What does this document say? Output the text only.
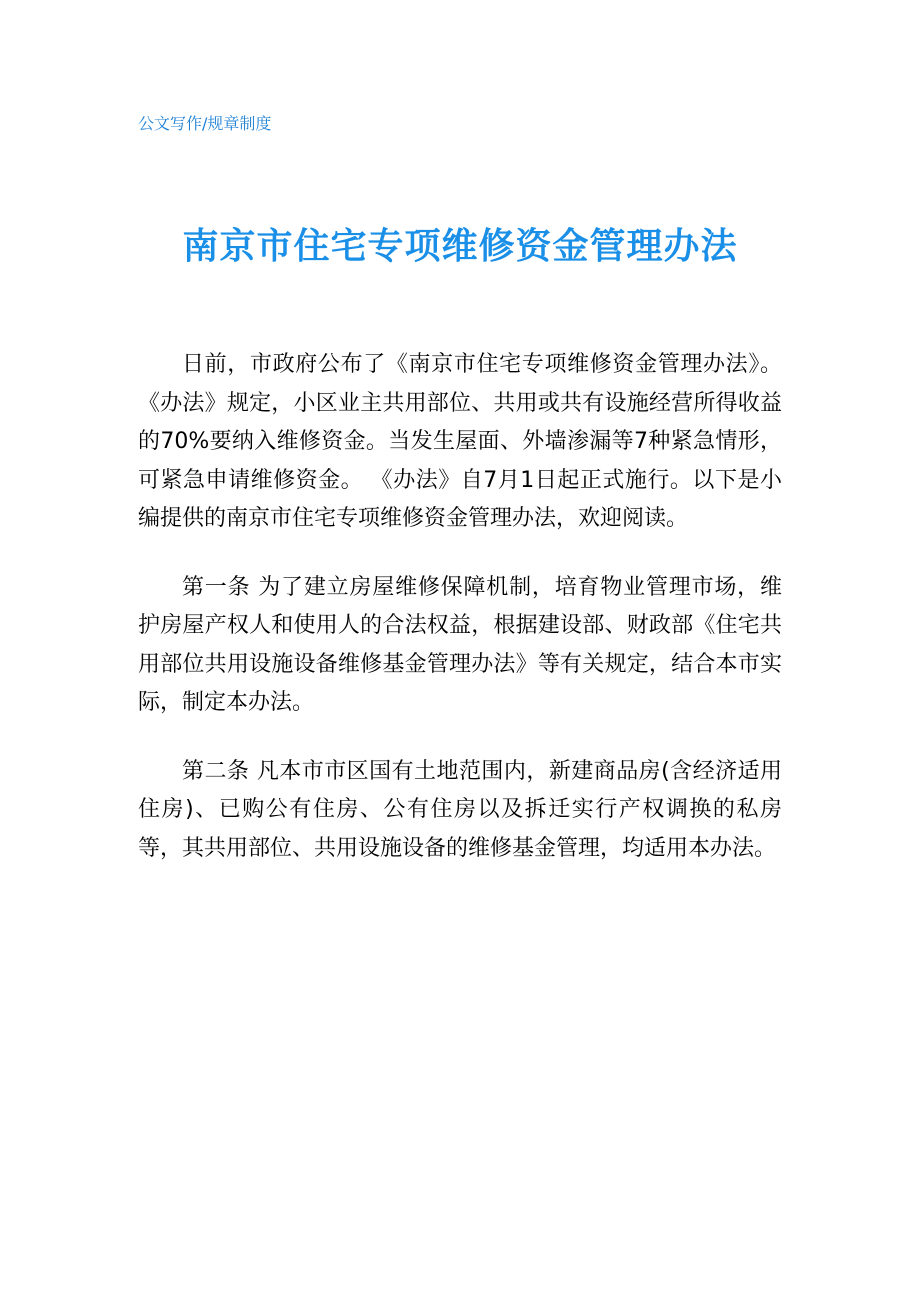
公文写作/规章制度
南京市住宅专项维修资金管理办法

日前，市政府公布了《南京市住宅专项维修资金管理办法》。《办法》规定，小区业主共用部位、共用或共有设施经营所得收益的70%要纳入维修资金。当发生屋面、外墙渗漏等7种紧急情形，可紧急申请维修资金。 《办法》自7月1日起正式施行。以下是小编提供的南京市住宅专项维修资金管理办法，欢迎阅读。

第一条 为了建立房屋维修保障机制，培育物业管理市场，维护房屋产权人和使用人的合法权益，根据建设部、财政部《住宅共用部位共用设施设备维修基金管理办法》等有关规定，结合本市实际，制定本办法。

第二条 凡本市市区国有土地范围内，新建商品房(含经济适用住房)、已购公有住房、公有住房以及拆迁实行产权调换的私房等，其共用部位、共用设施设备的维修基金管理，均适用本办法。
